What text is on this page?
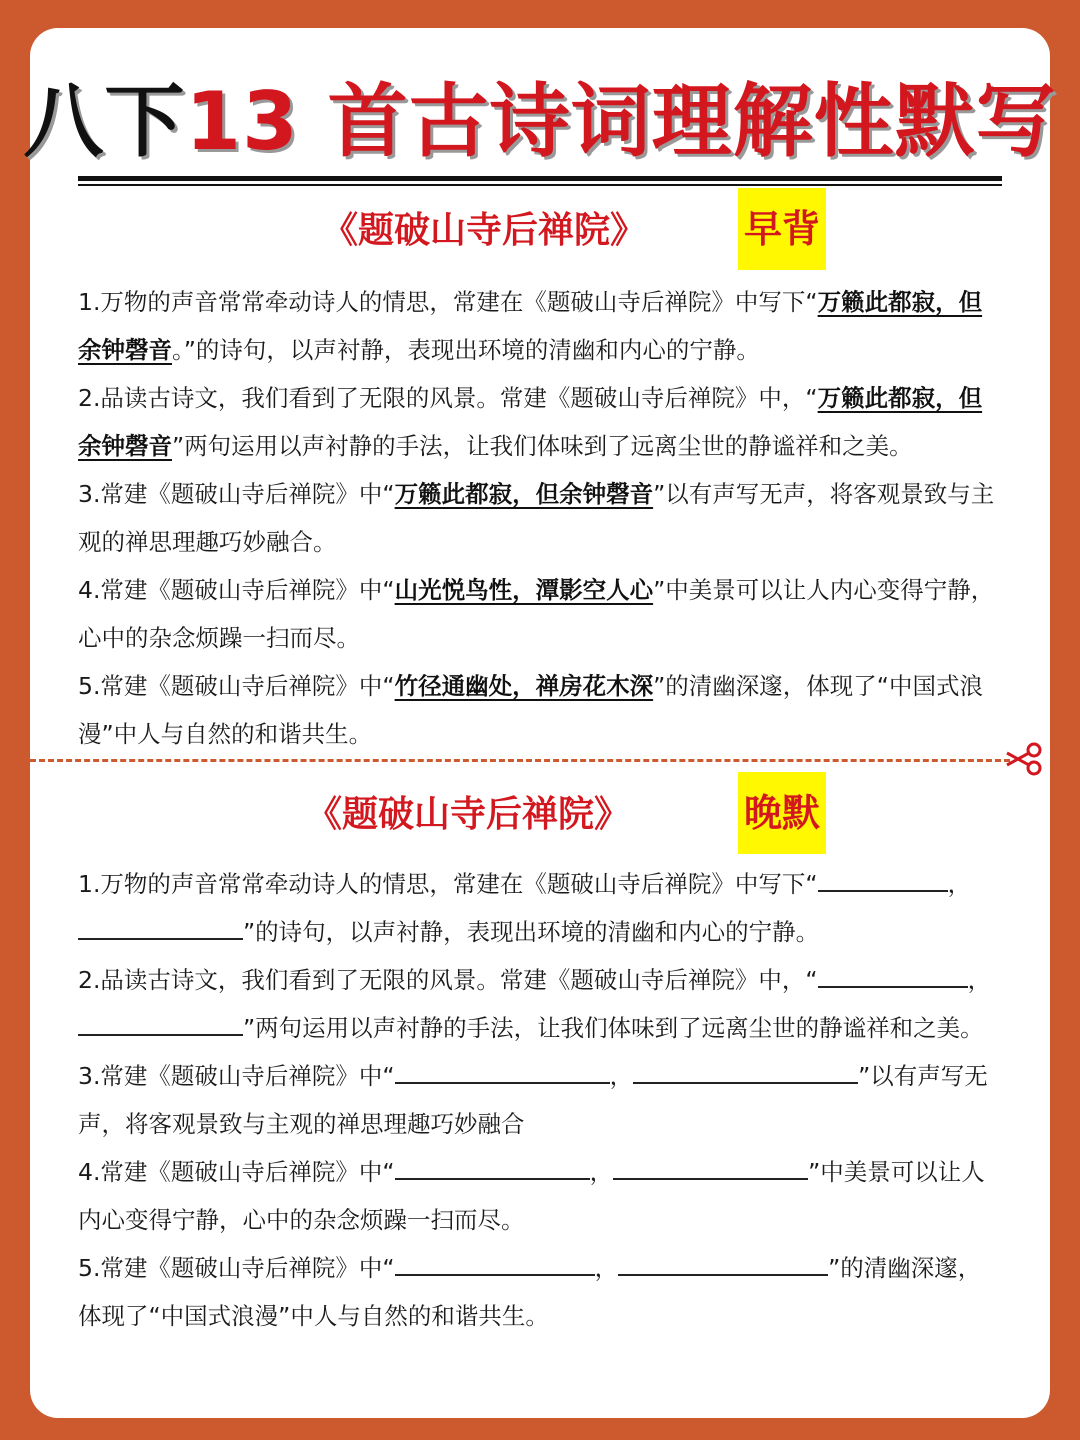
八下13 首古诗词理解性默写
《题破山寺后禅院》	早背

1.万物的声音常常牵动诗人的情思，常建在《题破山寺后禅院》中写下“万籁此都寂，但余钟磬音。”的诗句，以声衬静，表现出环境的清幽和内心的宁静。

2.品读古诗文，我们看到了无限的风景。常建《题破山寺后禅院》中，“万籁此都寂，但余钟磬音”两句运用以声衬静的手法，让我们体味到了远离尘世的静谧祥和之美。

3.常建《题破山寺后禅院》中“万籁此都寂，但余钟磬音”以有声写无声，将客观景致与主观的禅思理趣巧妙融合。

4.常建《题破山寺后禅院》中“山光悦鸟性，潭影空人心”中美景可以让人内心变得宁静，心中的杂念烦躁一扫而尽。

5.常建《题破山寺后禅院》中“竹径通幽处，禅房花木深”的清幽深邃，体现了“中国式浪漫”中人与自然的和谐共生。

《题破山寺后禅院》	晚默

1.万物的声音常常牵动诗人的情思，常建在《题破山寺后禅院》中写下“	，”的诗句，以声衬静，表现出环境的清幽和内心的宁静。

2.品读古诗文，我们看到了无限的风景。常建《题破山寺后禅院》中，“	，”两句运用以声衬静的手法，让我们体味到了远离尘世的静谧祥和之美。

3.常建《题破山寺后禅院》中“	，	”以有声写无声，将客观景致与主观的禅思理趣巧妙融合

4.常建《题破山寺后禅院》中“	，	”中美景可以让人内心变得宁静，心中的杂念烦躁一扫而尽。

5.常建《题破山寺后禅院》中“	，	”的清幽深邃，体现了“中国式浪漫”中人与自然的和谐共生。
